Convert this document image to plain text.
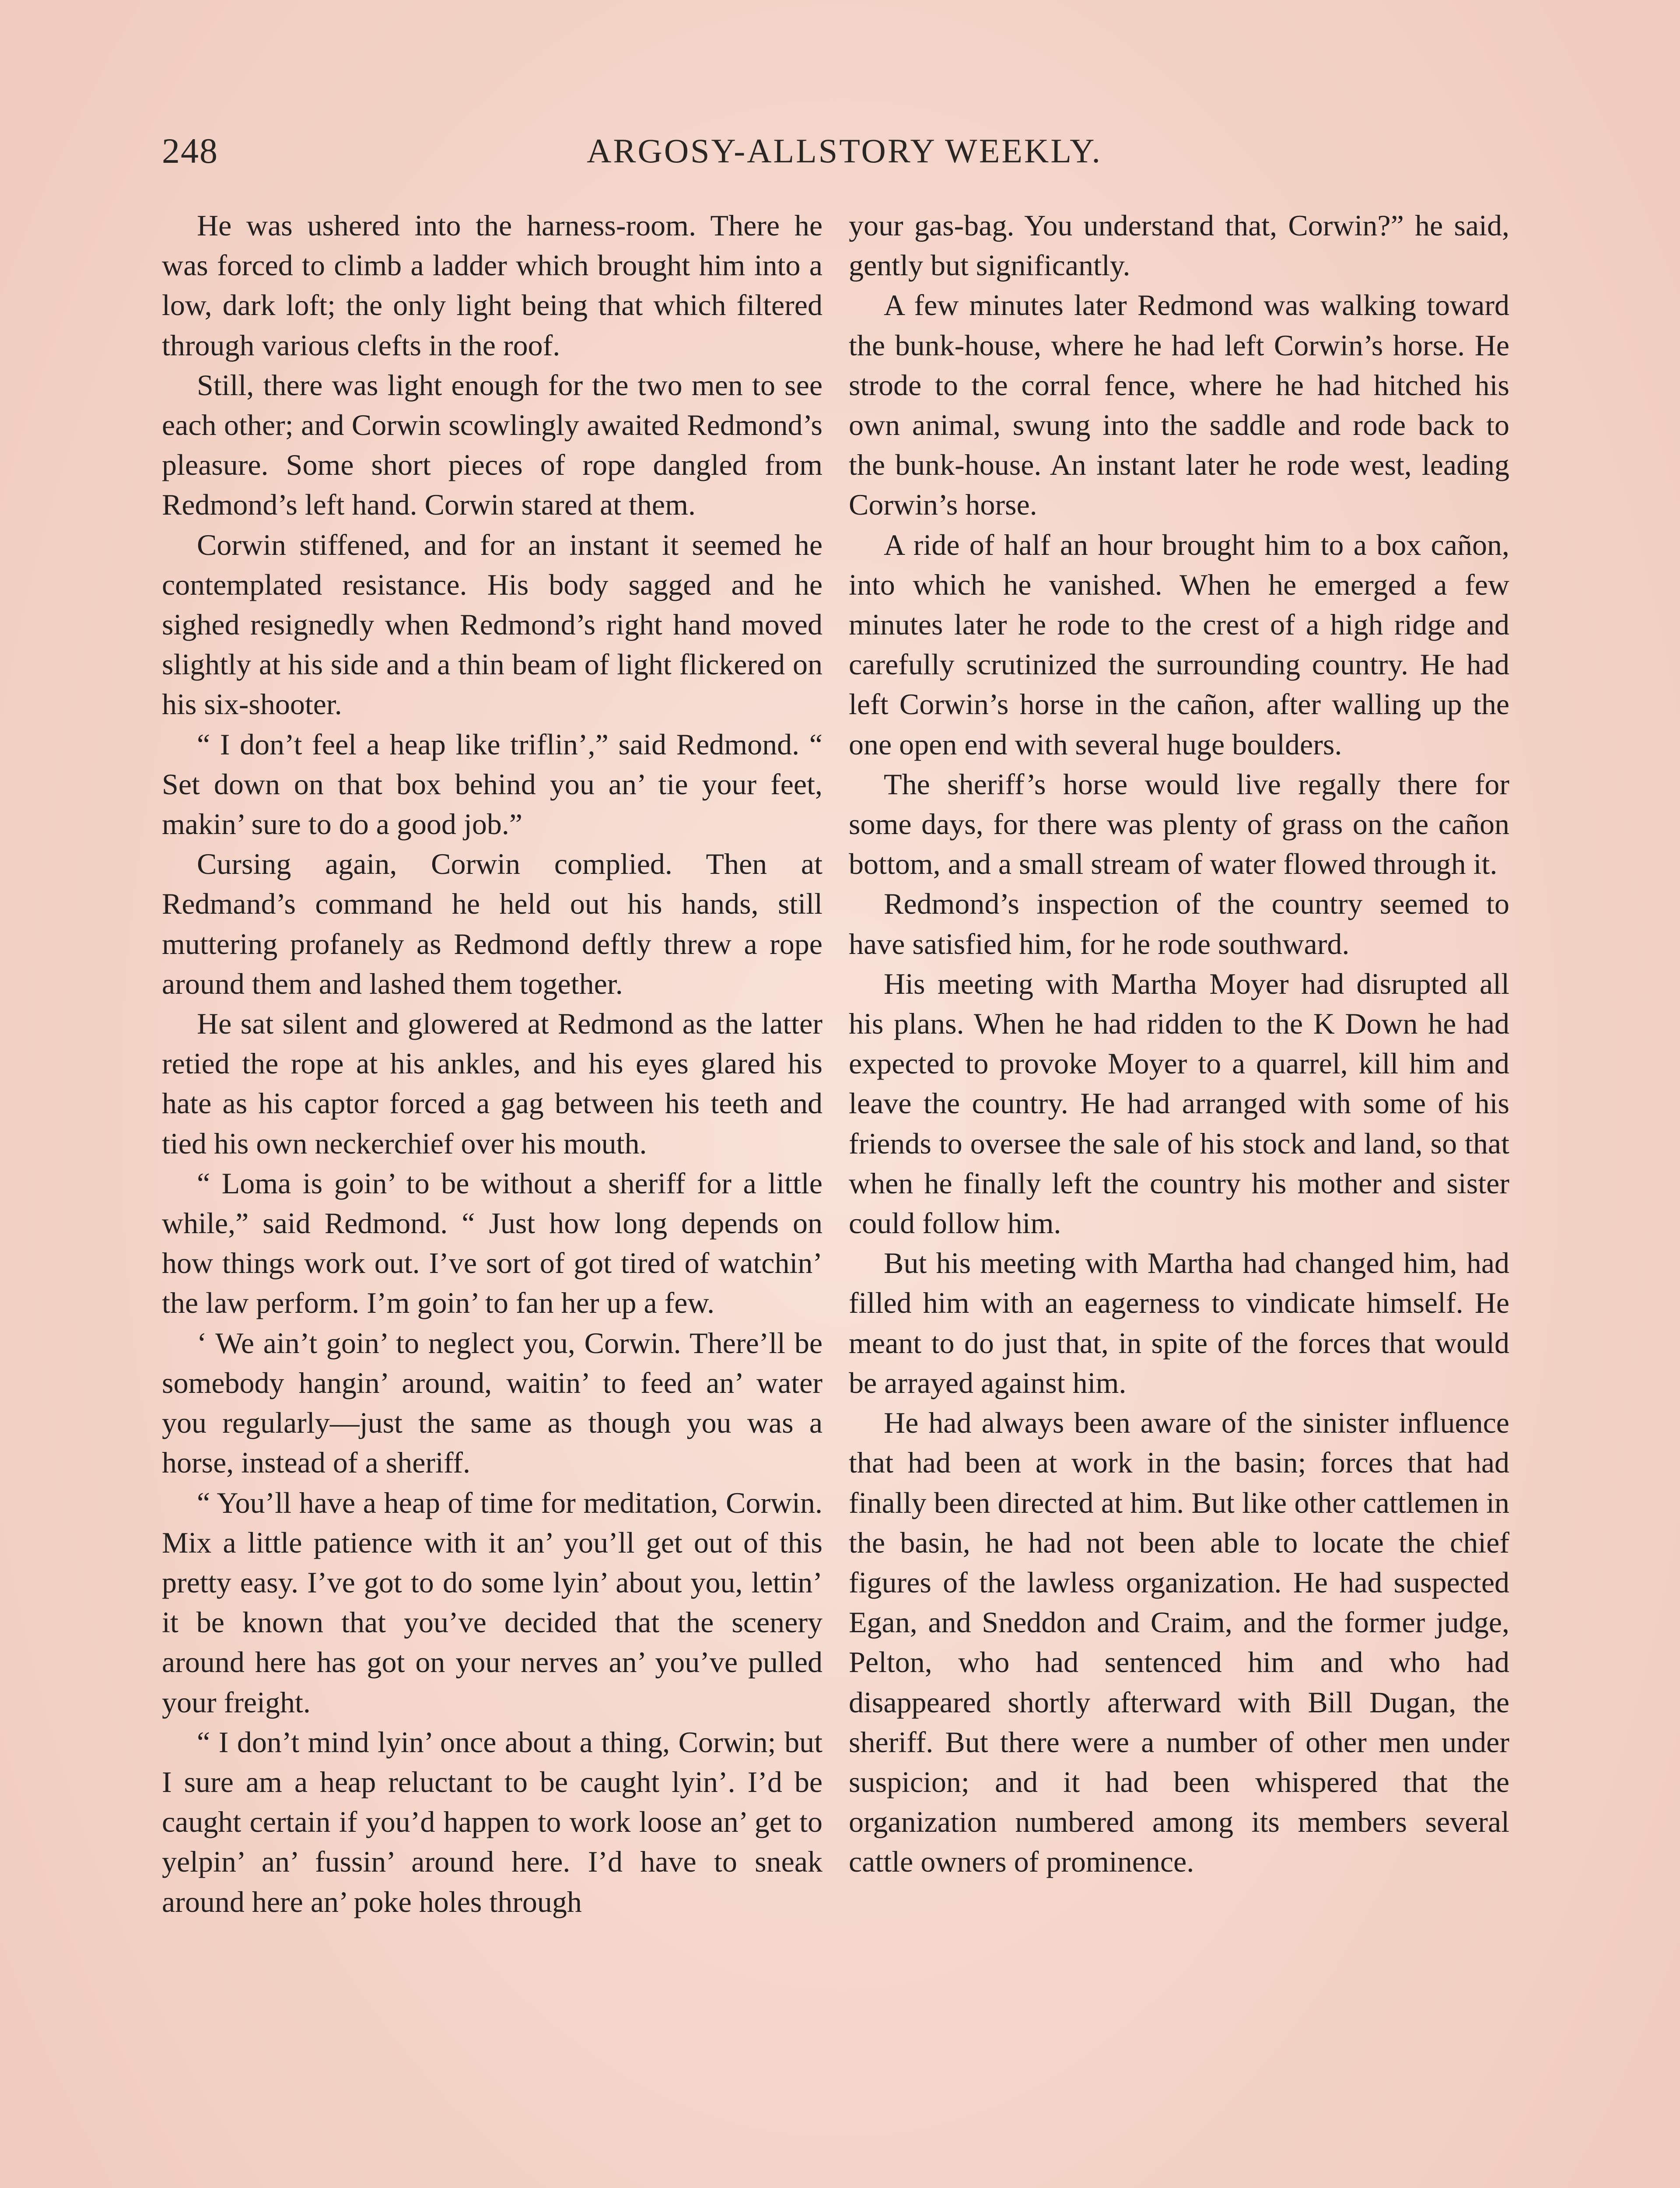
248	ARGOSY-ALLSTORY WEEKLY.

He was ushered into the harness-room. There he was forced to climb a ladder which brought him into a low, dark loft; the only light being that which filtered through various clefts in the roof.

Still, there was light enough for the two men to see each other; and Corwin scowlingly awaited Redmond’s pleasure. Some short pieces of rope dangled from Redmond’s left hand. Corwin stared at them.

Corwin stiffened, and for an instant it seemed he contemplated resistance. His body sagged and he sighed resignedly when Redmond’s right hand moved slightly at his side and a thin beam of light flickered on his six-shooter.

“ I don’t feel a heap like triflin’,” said Redmond. “ Set down on that box behind you an’ tie your feet, makin’ sure to do a good job.”

Cursing again, Corwin complied. Then at Redmand’s command he held out his hands, still muttering profanely as Redmond deftly threw a rope around them and lashed them together.

He sat silent and glowered at Redmond as the latter retied the rope at his ankles, and his eyes glared his hate as his captor forced a gag between his teeth and tied his own neckerchief over his mouth.

“ Loma is goin’ to be without a sheriff for a little while,” said Redmond. “ Just how long depends on how things work out. I’ve sort of got tired of watchin’ the law perform. I’m goin’ to fan her up a few.

‘ We ain’t goin’ to neglect you, Corwin. There’ll be somebody hangin’ around, waitin’ to feed an’ water you regularly—just the same as though you was a horse, instead of a sheriff.

“ You’ll have a heap of time for meditation, Corwin. Mix a little patience with it an’ you’ll get out of this pretty easy. I’ve got to do some lyin’ about you, lettin’ it be known that you’ve decided that the scenery around here has got on your nerves an’ you’ve pulled your freight.

“ I don’t mind lyin’ once about a thing, Corwin; but I sure am a heap reluctant to be caught lyin’. I’d be caught certain if you’d happen to work loose an’ get to yelpin’ an’ fussin’ around here. I’d have to sneak around here an’ poke holes through

your gas-bag. You understand that, Corwin?” he said, gently but significantly.

A few minutes later Redmond was walking toward the bunk-house, where he had left Corwin’s horse. He strode to the corral fence, where he had hitched his own animal, swung into the saddle and rode back to the bunk-house. An instant later he rode west, leading Corwin’s horse.

A ride of half an hour brought him to a box cañon, into which he vanished. When he emerged a few minutes later he rode to the crest of a high ridge and carefully scrutinized the surrounding country. He had left Corwin’s horse in the cañon, after walling up the one open end with several huge boulders.

The sheriff’s horse would live regally there for some days, for there was plenty of grass on the cañon bottom, and a small stream of water flowed through it.

Redmond’s inspection of the country seemed to have satisfied him, for he rode southward.

His meeting with Martha Moyer had disrupted all his plans. When he had ridden to the K Down he had expected to provoke Moyer to a quarrel, kill him and leave the country. He had arranged with some of his friends to oversee the sale of his stock and land, so that when he finally left the country his mother and sister could follow him.

But his meeting with Martha had changed him, had filled him with an eagerness to vindicate himself. He meant to do just that, in spite of the forces that would be arrayed against him.

He had always been aware of the sinister influence that had been at work in the basin; forces that had finally been directed at him. But like other cattlemen in the basin, he had not been able to locate the chief figures of the lawless organization. He had suspected Egan, and Sneddon and Craim, and the former judge, Pelton, who had sentenced him and who had disappeared shortly afterward with Bill Dugan, the sheriff. But there were a number of other men under suspicion; and it had been whispered that the organization numbered among its members several cattle owners of prominence.
